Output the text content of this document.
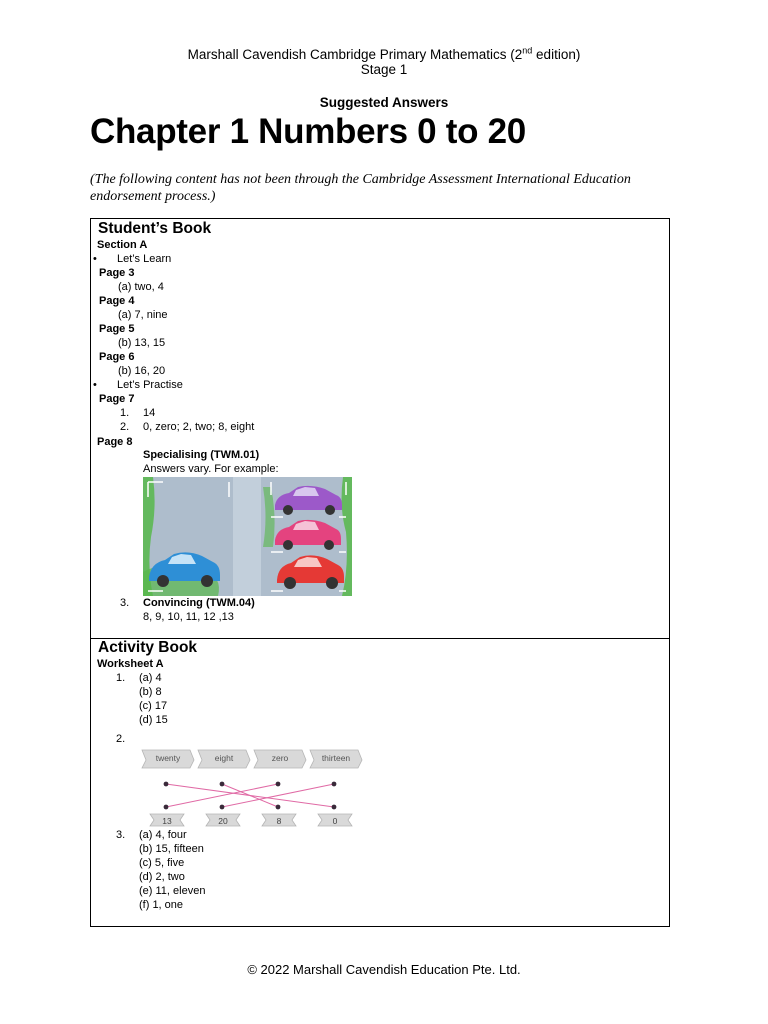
Marshall Cavendish Cambridge Primary Mathematics (2nd edition)
Stage 1
Suggested Answers
Chapter 1 Numbers 0 to 20
(The following content has not been through the Cambridge Assessment International Education endorsement process.)
Student’s Book
Section A
• Let’s Learn
Page 3
(a) two, 4
Page 4
(a) 7, nine
Page 5
(b) 13, 15
Page 6
(b) 16, 20
• Let’s Practise
Page 7
1. 14
2. 0, zero; 2, two; 8, eight
Page 8
Specialising (TWM.01)
Answers vary. For example:
3. Convincing (TWM.04)
8, 9, 10, 11, 12 ,13
Activity Book
Worksheet A
1. (a) 4
(b) 8
(c) 17
(d) 15
2.
twenty	eight	zero	thirteen
13	20	8	0
3. (a) 4, four
(b) 15, fifteen
(c) 5, five
(d) 2, two
(e) 11, eleven
(f) 1, one
© 2022 Marshall Cavendish Education Pte. Ltd.
